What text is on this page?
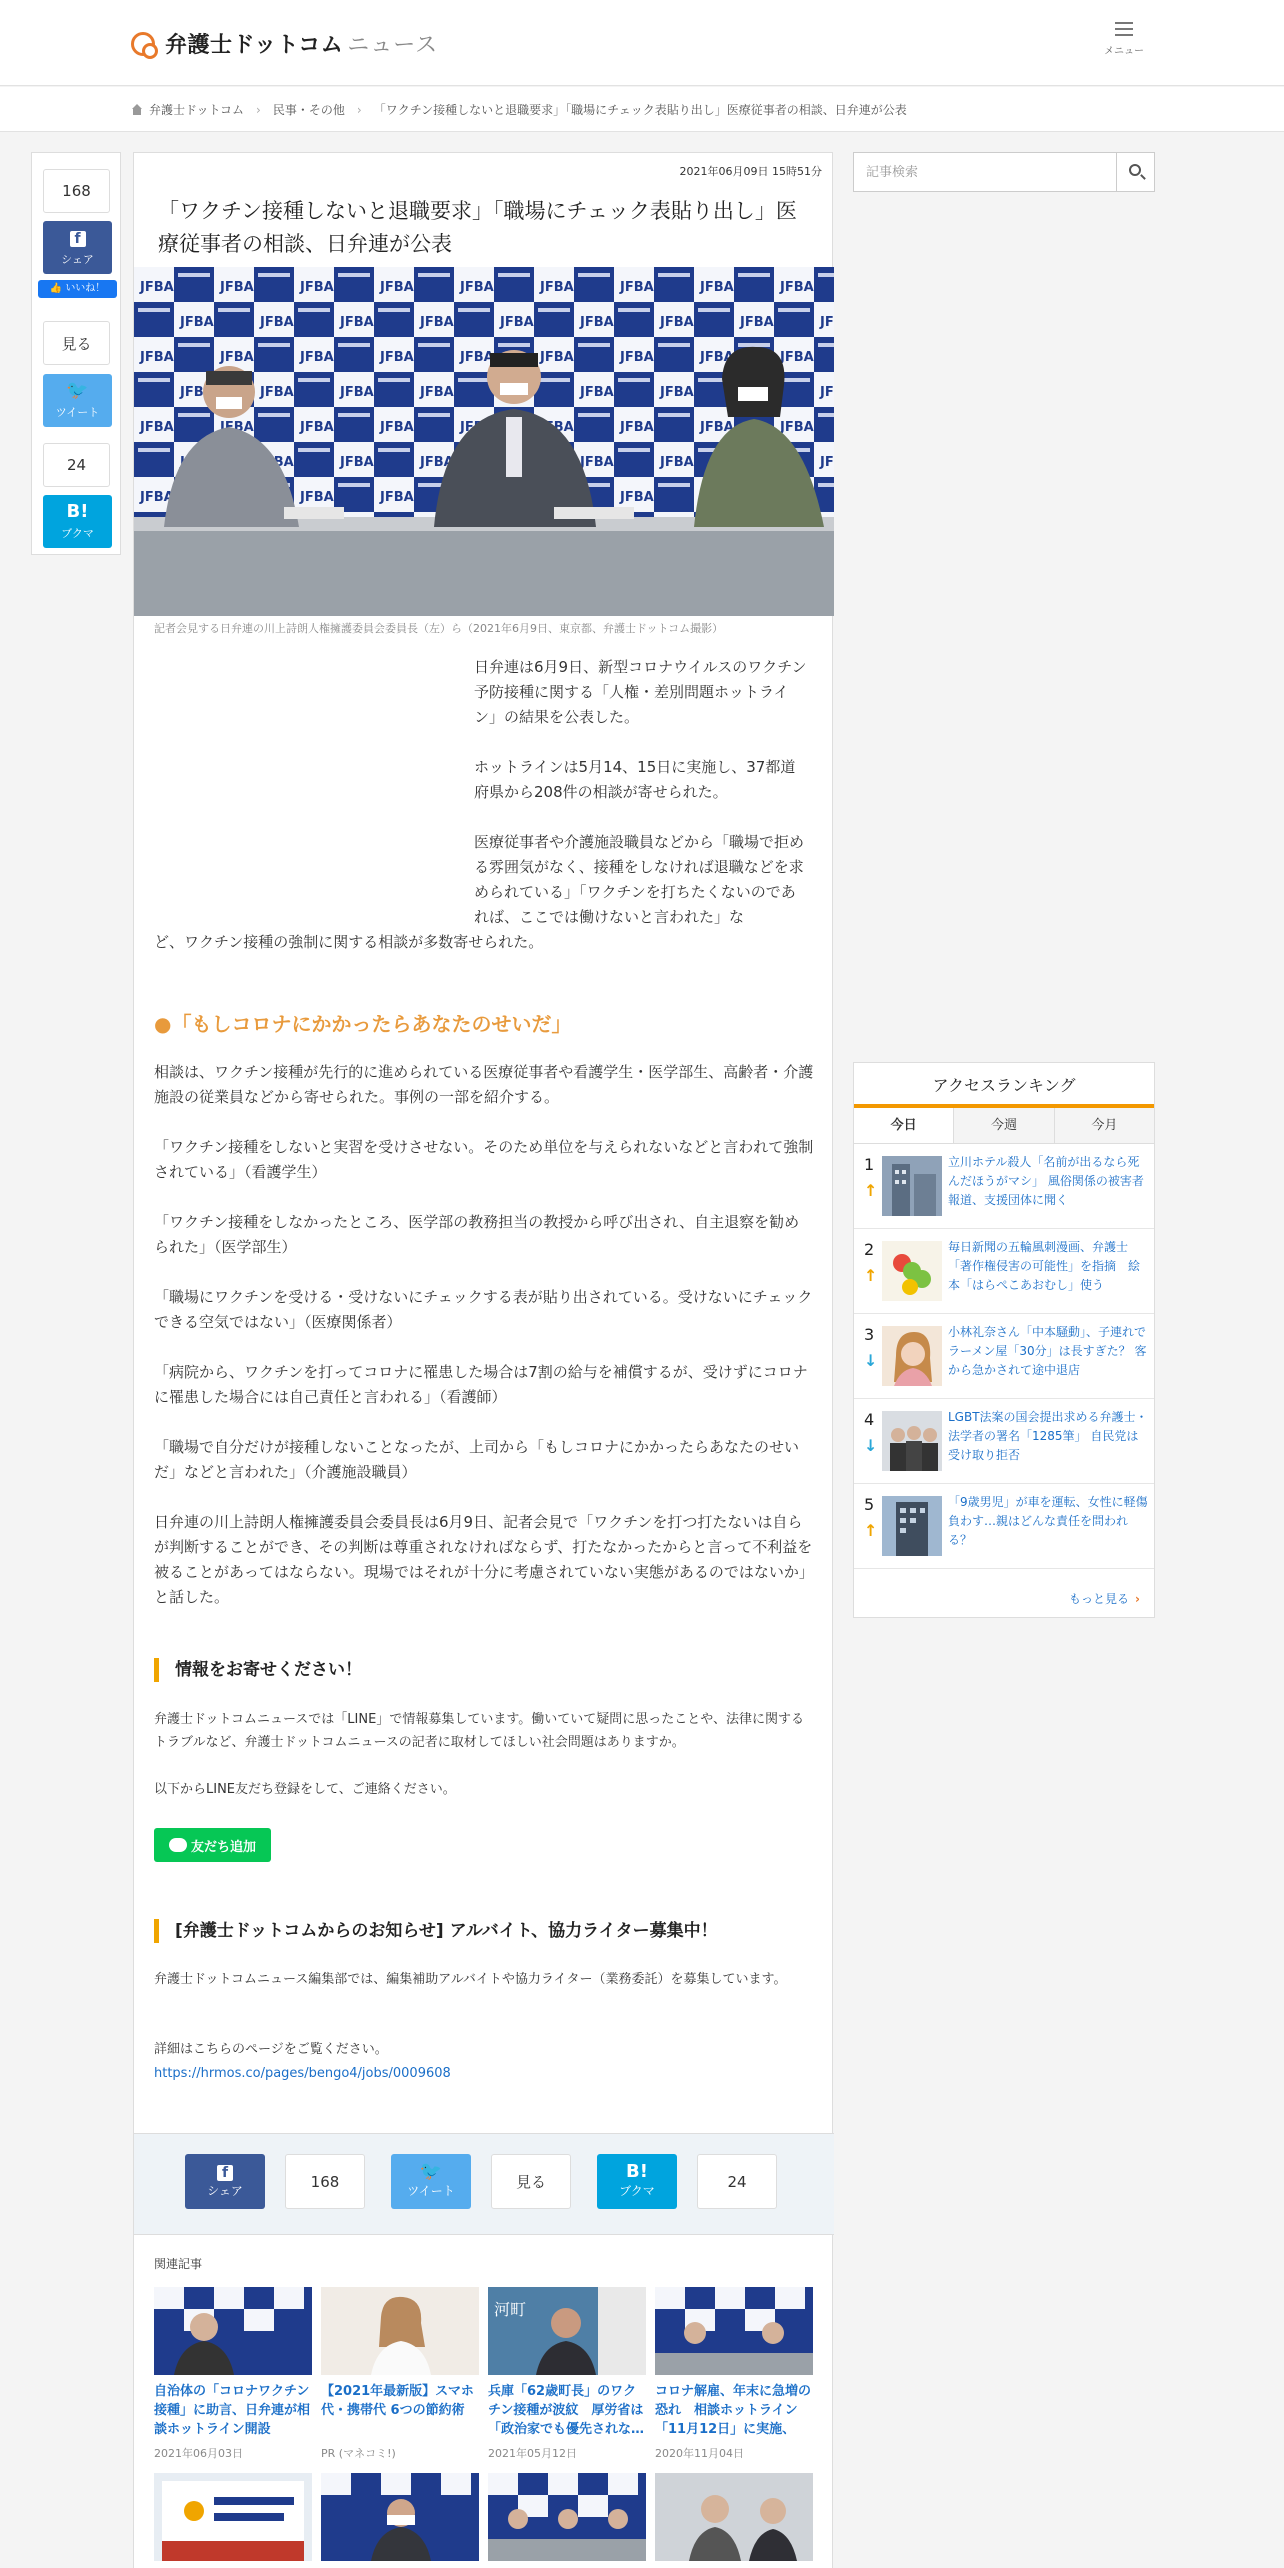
弁護士ドットコム ニュース	メニュー
弁護士ドットコム › 民事・その他 › 「ワクチン接種しないと退職要求」「職場にチェック表貼り出し」医療従事者の相談、日弁連が公表
168
f
シェア
👍 いいね！
見る
🐦
ツイート
24
B!
ブクマ
2021年06月09日 15時51分
「ワクチン接種しないと退職要求」「職場にチェック表貼り出し」医療従事者の相談、日弁連が公表
記者会見する日弁連の川上詩朗人権擁護委員会委員長（左）ら（2021年6月9日、東京都、弁護士ドットコム撮影）

日弁連は6月9日、新型コロナウイルスのワクチン予防接種に関する「人権・差別問題ホットライン」の結果を公表した。

ホットラインは5月14、15日に実施し、37都道府県から208件の相談が寄せられた。

医療従事者や介護施設職員などから「職場で拒める雰囲気がなく、接種をしなければ退職などを求められている」「ワクチンを打ちたくないのであれば、ここでは働けないと言われた」な

ど、ワクチン接種の強制に関する相談が多数寄せられた。

●「もしコロナにかかったらあなたのせいだ」

相談は、ワクチン接種が先行的に進められている医療従事者や看護学生・医学部生、高齢者・介護施設の従業員などから寄せられた。事例の一部を紹介する。

「ワクチン接種をしないと実習を受けさせない。そのため単位を与えられないなどと言われて強制されている」（看護学生）

「ワクチン接種をしなかったところ、医学部の教務担当の教授から呼び出され、自主退察を勧められた」（医学部生）

「職場にワクチンを受ける・受けないにチェックする表が貼り出されている。受けないにチェックできる空気ではない」（医療関係者）

「病院から、ワクチンを打ってコロナに罹患した場合は7割の給与を補償するが、受けずにコロナに罹患した場合には自己責任と言われる」（看護師）

「職場で自分だけが接種しないことなったが、上司から「もしコロナにかかったらあなたのせいだ」などと言われた」（介護施設職員）

日弁連の川上詩朗人権擁護委員会委員長は6月9日、記者会見で「ワクチンを打つ打たないは自らが判断することができ、その判断は尊重されなければならず、打たなかったからと言って不利益を被ることがあってはならない。現場ではそれが十分に考慮されていない実態があるのではないか」と話した。

情報をお寄せください！

弁護士ドットコムニュースでは「LINE」で情報募集しています。働いていて疑問に思ったことや、法律に関するトラブルなど、弁護士ドットコムニュースの記者に取材してほしい社会問題はありますか。

以下からLINE友だち登録をして、ご連絡ください。

友だち追加
[弁護士ドットコムからのお知らせ] アルバイト、協力ライター募集中！

弁護士ドットコムニュース編集部では、編集補助アルバイトや協力ライター（業務委託）を募集しています。

詳細はこちらのページをご覧ください。

https://hrmos.co/pages/bengo4/jobs/0009608
f
シェア
168	🐦
ツイート	見る	B!
ブクマ
24
関連記事
自治体の「コロナワクチン接種」に助言、日弁連が相談ホットライン開設
2021年06月03日
【2021年最新版】スマホ代・携帯代 6つの節約術
PR (マネコミ!)
河町
兵庫「62歳町長」のワクチン接種が波紋　厚労省は「政治家でも優先されな…
2021年05月12日
コロナ解雇、年末に急増の恐れ　相談ホットライン「11月12日」に実施、
2020年11月04日
記事検索
アクセスランキング
今日	今週	今月
1
↑
立川ホテル殺人「名前が出るなら死んだほうがマシ」 風俗関係の被害者報道、支援団体に聞く
2
↑
毎日新聞の五輪風刺漫画、弁護士「著作権侵害の可能性」を指摘　絵本「はらぺこあおむし」使う
3
↓
小林礼奈さん「中本騒動」、子連れでラーメン屋「30分」は長すぎた？ 客から急かされて途中退店
4
↓
LGBT法案の国会提出求める弁護士・法学者の署名「1285筆」 自民党は受け取り拒否
5
↑
「9歳男児」が車を運転、女性に軽傷負わす…親はどんな責任を問われる？
もっと見る ›
